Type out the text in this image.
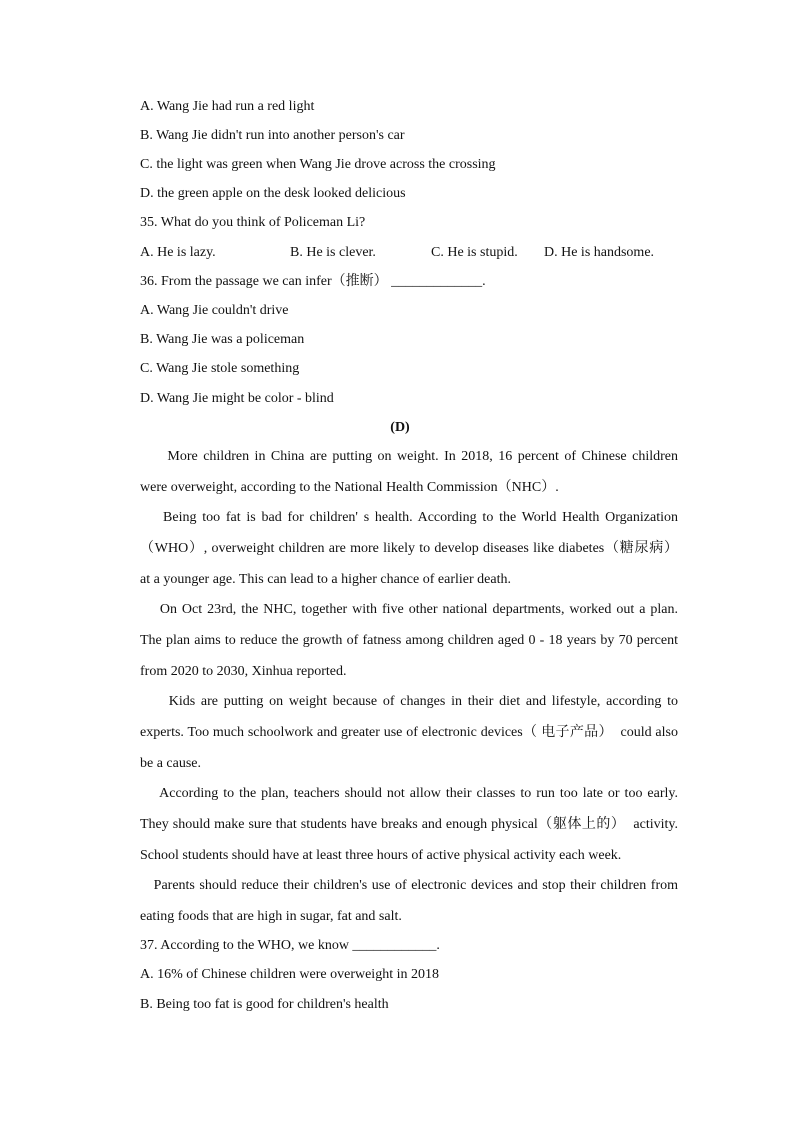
A. Wang Jie had run a red light
B. Wang Jie didn't run into another person's car
C. the light was green when Wang Jie drove across the crossing
D. the green apple on the desk looked delicious
35. What do you think of Policeman Li?
A. He is lazy.	B. He is clever.	C. He is stupid. D. He is handsome.
36. From the passage we can infer（推断） _____________.
A. Wang Jie couldn't drive
B. Wang Jie was a policeman
C. Wang Jie stole something
D. Wang Jie might be color - blind
(D)
More children in China are putting on weight. In 2018, 16 percent of Chinese children
were overweight, according to the National Health Commission（NHC）.
Being too fat is bad for children' s health. According to the World Health Organization
（WHO）, overweight children are more likely to develop diseases like diabetes（糖尿病）
at a younger age. This can lead to a higher chance of earlier death.
On Oct 23rd, the NHC, together with five other national departments, worked out a plan.
The plan aims to reduce the growth of fatness among children aged 0 - 18 years by 70 percent
from 2020 to 2030, Xinhua reported.
Kids are putting on weight because of changes in their diet and lifestyle, according to
experts. Too much schoolwork and greater use of electronic devices（ 电子产品）  could also
be a cause.
According to the plan, teachers should not allow their classes to run too late or too early.
They should make sure that students have breaks and enough physical（躯体上的）  activity.
School students should have at least three hours of active physical activity each week.
Parents should reduce their children's use of electronic devices and stop their children from
eating foods that are high in sugar, fat and salt.
37. According to the WHO, we know ____________.
A. 16% of Chinese children were overweight in 2018
B. Being too fat is good for children's health
